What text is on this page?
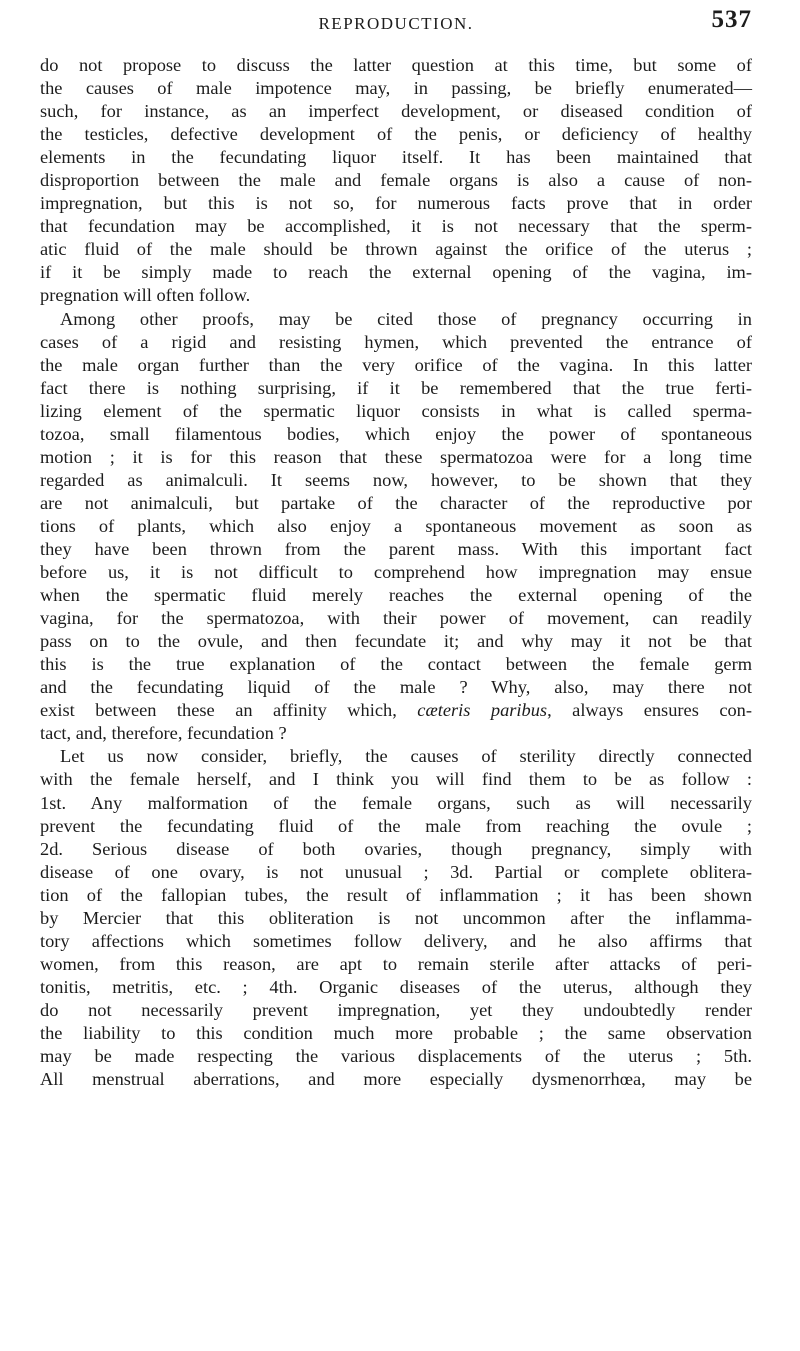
REPRODUCTION.	537
do not propose to discuss the latter question at this time, but some of
the causes of male impotence may, in passing, be briefly enumerated—
such, for instance, as an imperfect development, or diseased condition of
the testicles, defective development of the penis, or deficiency of healthy
elements in the fecundating liquor itself. It has been maintained that
disproportion between the male and female organs is also a cause of non-
impregnation, but this is not so, for numerous facts prove that in order
that fecundation may be accomplished, it is not necessary that the sperm-
atic fluid of the male should be thrown against the orifice of the uterus ;
if it be simply made to reach the external opening of the vagina, im-
pregnation will often follow.
Among other proofs, may be cited those of pregnancy occurring in
cases of a rigid and resisting hymen, which prevented the entrance of
the male organ further than the very orifice of the vagina. In this latter
fact there is nothing surprising, if it be remembered that the true ferti-
lizing element of the spermatic liquor consists in what is called sperma-
tozoa, small filamentous bodies, which enjoy the power of spontaneous
motion ; it is for this reason that these spermatozoa were for a long time
regarded as animalculi. It seems now, however, to be shown that they
are not animalculi, but partake of the character of the reproductive por
tions of plants, which also enjoy a spontaneous movement as soon as
they have been thrown from the parent mass. With this important fact
before us, it is not difficult to comprehend how impregnation may ensue
when the spermatic fluid merely reaches the external opening of the
vagina, for the spermatozoa, with their power of movement, can readily
pass on to the ovule, and then fecundate it; and why may it not be that
this is the true explanation of the contact between the female germ
and the fecundating liquid of the male ? Why, also, may there not
exist between these an affinity which, cæteris paribus, always ensures con-
tact, and, therefore, fecundation ?
Let us now consider, briefly, the causes of sterility directly connected
with the female herself, and I think you will find them to be as follow :
1st. Any malformation of the female organs, such as will necessarily
prevent the fecundating fluid of the male from reaching the ovule ;
2d. Serious disease of both ovaries, though pregnancy, simply with
disease of one ovary, is not unusual ; 3d. Partial or complete oblitera-
tion of the fallopian tubes, the result of inflammation ; it has been shown
by Mercier that this obliteration is not uncommon after the inflamma-
tory affections which sometimes follow delivery, and he also affirms that
women, from this reason, are apt to remain sterile after attacks of peri-
tonitis, metritis, etc. ; 4th. Organic diseases of the uterus, although they
do not necessarily prevent impregnation, yet they undoubtedly render
the liability to this condition much more probable ; the same observation
may be made respecting the various displacements of the uterus ; 5th.
All menstrual aberrations, and more especially dysmenorrhœa, may be
